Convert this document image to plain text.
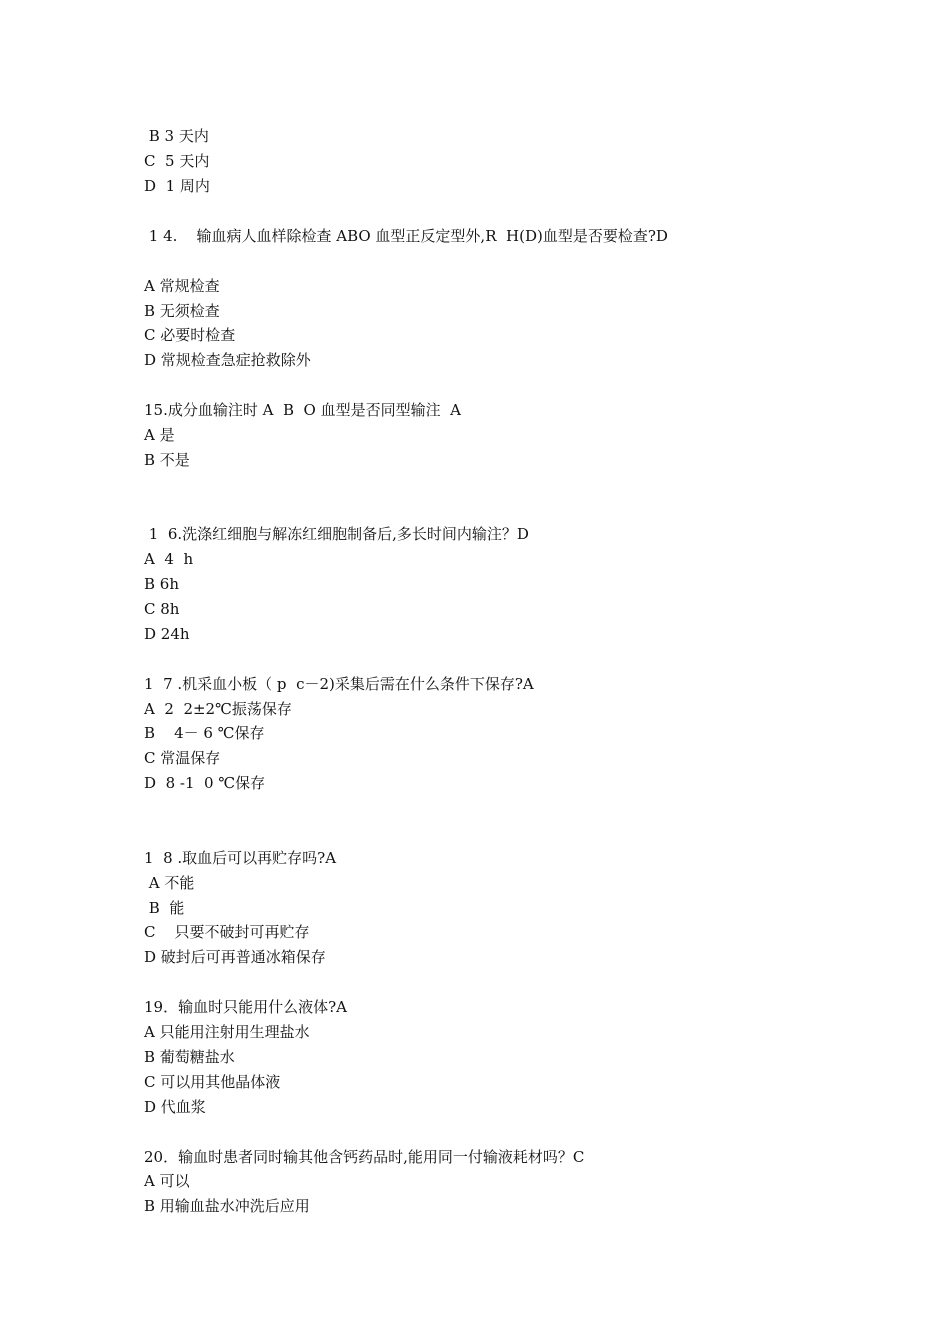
B 3 天内
C  5 天内
D  1 周内
1 4.    输血病人血样除检查 ABO 血型正反定型外,R  H(D)血型是否要检查?D
A 常规检查
B 无须检查
C 必要时检查
D 常规检查急症抢救除外
15.成分血输注时 A  B  O 血型是否同型输注  A
A 是
B 不是
1  6.洗涤红细胞与解冻红细胞制备后,多长时间内输注？D
A  4  h
B 6h
C 8h
D 24h
1  7 .机采血小板（ p  c－2)采集后需在什么条件下保存?A
A  2  2±2℃振荡保存
B    4－ 6 ℃保存
C 常温保存
D  8 -1  0 ℃保存
1  8 .取血后可以再贮存吗?A
A 不能
B  能
C    只要不破封可再贮存
D 破封后可再普通冰箱保存
19．输血时只能用什么液体?A
A 只能用注射用生理盐水
B 葡萄糖盐水
C 可以用其他晶体液
D 代血浆
20．输血时患者同时输其他含钙药品时,能用同一付输液耗材吗？C
A 可以
B 用输血盐水冲洗后应用
